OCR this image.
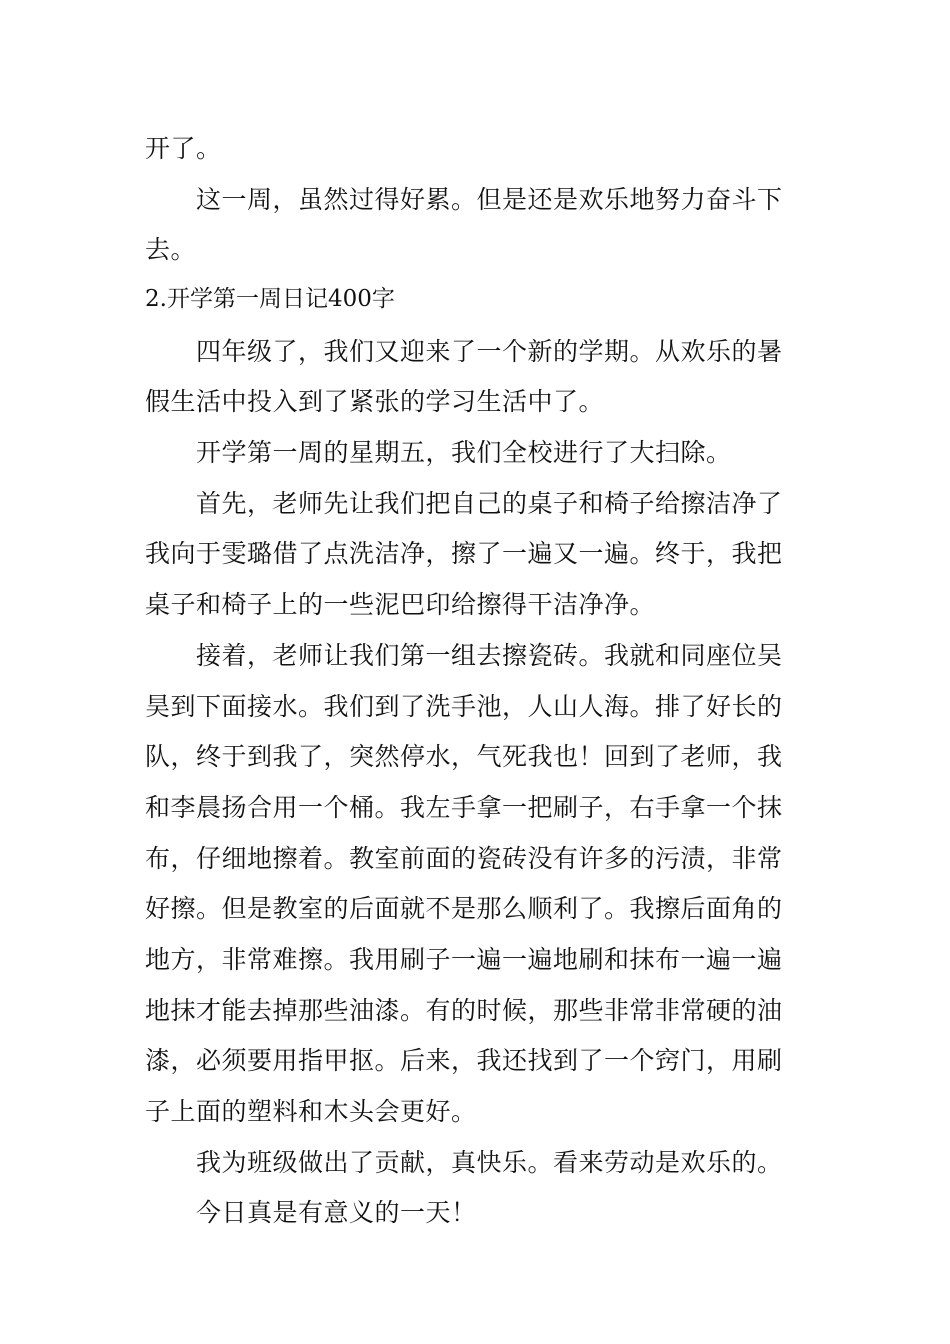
开了。
这一周，虽然过得好累。但是还是欢乐地努力奋斗下
去。
2.开学第一周日记400字
四年级了，我们又迎来了一个新的学期。从欢乐的暑
假生活中投入到了紧张的学习生活中了。
开学第一周的星期五，我们全校进行了大扫除。
首先，老师先让我们把自己的桌子和椅子给擦洁净了
我向于雯璐借了点洗洁净，擦了一遍又一遍。终于，我把
桌子和椅子上的一些泥巴印给擦得干洁净净。
接着，老师让我们第一组去擦瓷砖。我就和同座位吴
昊到下面接水。我们到了洗手池，人山人海。排了好长的
队，终于到我了，突然停水，气死我也！回到了老师，我
和李晨扬合用一个桶。我左手拿一把刷子，右手拿一个抹
布，仔细地擦着。教室前面的瓷砖没有许多的污渍，非常
好擦。但是教室的后面就不是那么顺利了。我擦后面角的
地方，非常难擦。我用刷子一遍一遍地刷和抹布一遍一遍
地抹才能去掉那些油漆。有的时候，那些非常非常硬的油
漆，必须要用指甲抠。后来，我还找到了一个窍门，用刷
子上面的塑料和木头会更好。
我为班级做出了贡献，真快乐。看来劳动是欢乐的。
今日真是有意义的一天！
